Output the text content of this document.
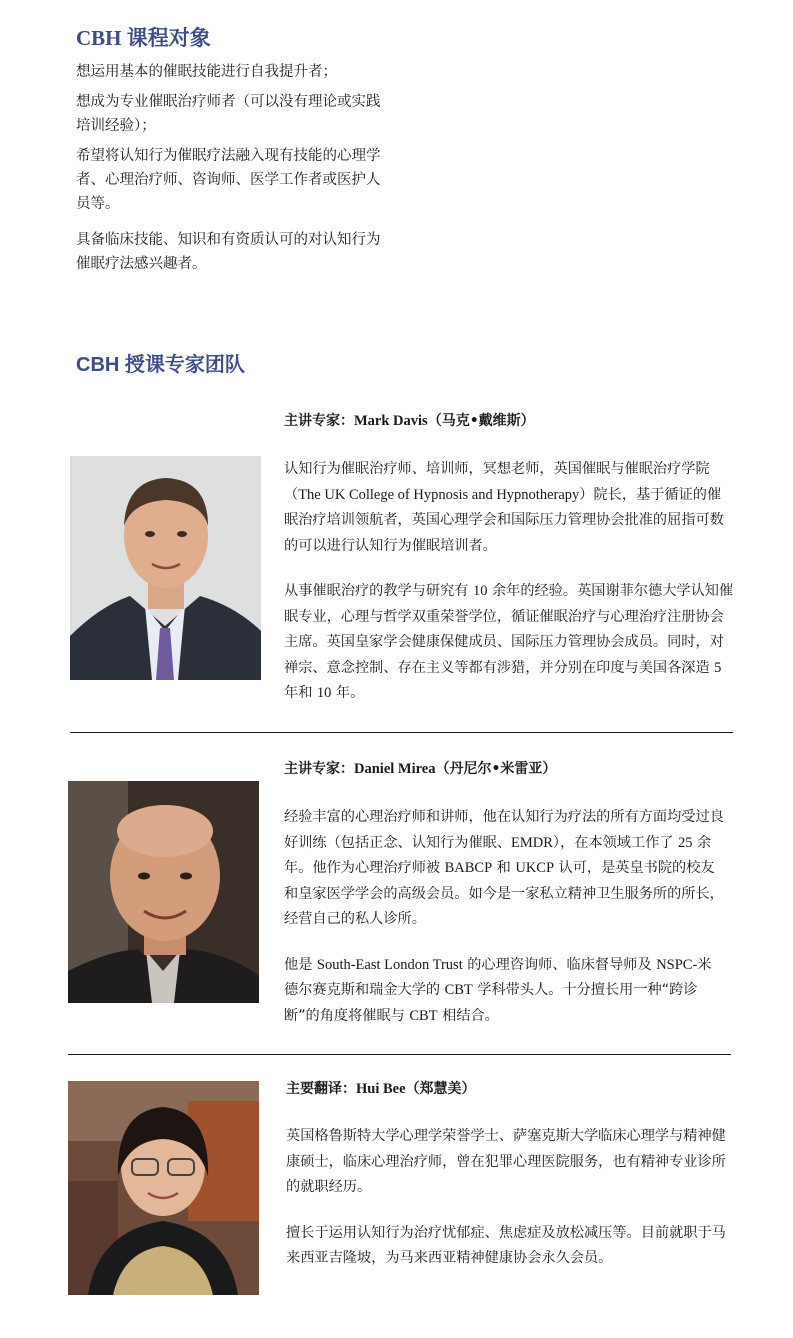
CBH 课程对象

想运用基本的催眠技能进行自我提升者；

想成为专业催眠治疗师者（可以没有理论或实践培训经验）；

希望将认知行为催眠疗法融入现有技能的心理学者、心理治疗师、咨询师、医学工作者或医护人员等。

具备临床技能、知识和有资质认可的对认知行为催眠疗法感兴趣者。

CBH 授课专家团队

主讲专家：Mark Davis（马克•戴维斯）

认知行为催眠治疗师、培训师，冥想老师，英国催眠与催眠治疗学院（The UK College of Hypnosis and Hypnotherapy）院长，基于循证的催眠治疗培训领航者，英国心理学会和国际压力管理协会批准的屈指可数的可以进行认知行为催眠培训者。

从事催眠治疗的教学与研究有 10 余年的经验。英国谢菲尔德大学认知催眠专业，心理与哲学双重荣誉学位，循证催眠治疗与心理治疗注册协会主席。英国皇家学会健康保健成员、国际压力管理协会成员。同时，对禅宗、意念控制、存在主义等都有涉猎，并分别在印度与美国各深造 5 年和 10 年。

主讲专家：Daniel Mirea（丹尼尔•米雷亚）

经验丰富的心理治疗师和讲师，他在认知行为疗法的所有方面均受过良好训练（包括正念、认知行为催眠、EMDR），在本领域工作了 25 余年。他作为心理治疗师被 BABCP 和 UKCP 认可，是英皇书院的校友和皇家医学学会的高级会员。如今是一家私立精神卫生服务所的所长，经营自己的私人诊所。

他是 South-East London Trust 的心理咨询师、临床督导师及 NSPC-米德尔赛克斯和瑞金大学的 CBT 学科带头人。十分擅长用一种“跨诊断”的角度将催眠与 CBT 相结合。

主要翻译：Hui Bee（郑慧美）

英国格鲁斯特大学心理学荣誉学士、萨塞克斯大学临床心理学与精神健康硕士，临床心理治疗师，曾在犯罪心理医院服务，也有精神专业诊所的就职经历。

擅长于运用认知行为治疗忧郁症、焦虑症及放松减压等。目前就职于马来西亚吉隆坡，为马来西亚精神健康协会永久会员。
